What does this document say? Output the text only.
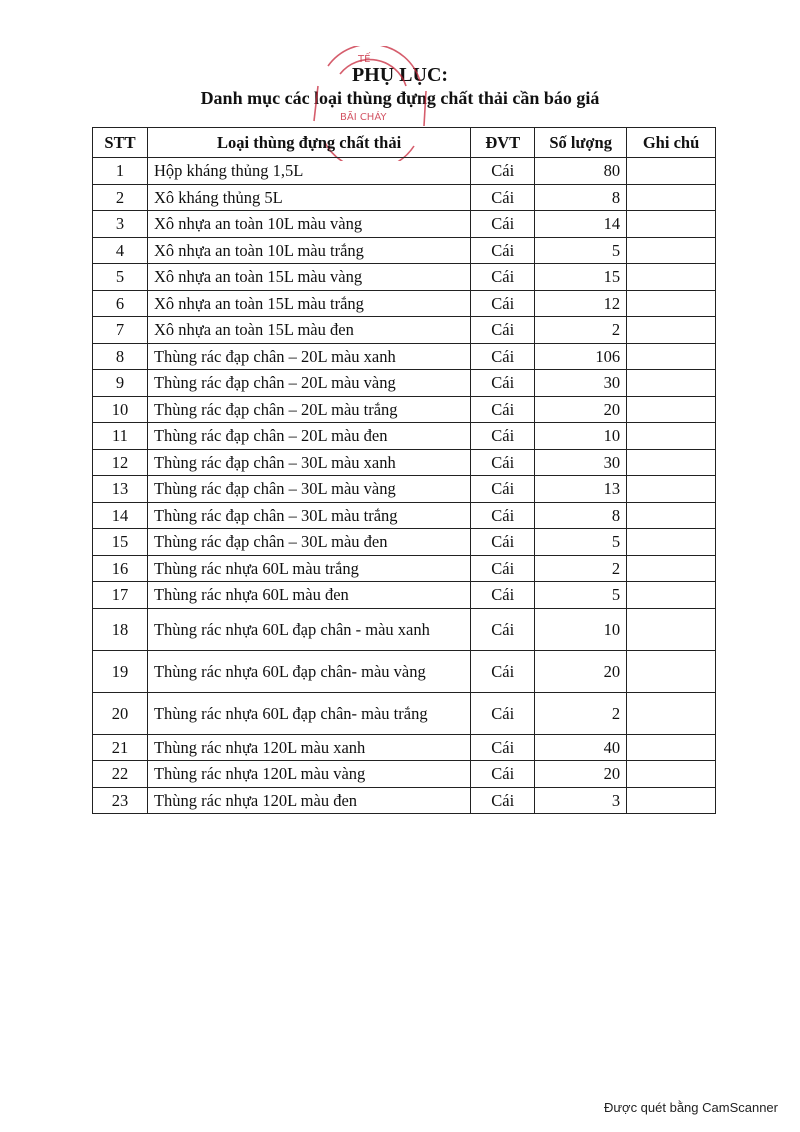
PHỤ LỤC:
Danh mục các loại thùng đựng chất thải cần báo giá
TẾ
BÃI CHÁY
STT	Loại thùng đựng chất thải	ĐVT	Số lượng	Ghi chú
1	Hộp kháng thủng 1,5L	Cái	80	
2	Xô kháng thủng 5L	Cái	8	
3	Xô nhựa an toàn 10L màu vàng	Cái	14	
4	Xô nhựa an toàn 10L màu trắng	Cái	5	
5	Xô nhựa an toàn 15L màu vàng	Cái	15	
6	Xô nhựa an toàn 15L màu trắng	Cái	12	
7	Xô nhựa an toàn 15L màu đen	Cái	2	
8	Thùng rác đạp chân – 20L màu xanh	Cái	106	
9	Thùng rác đạp chân – 20L màu vàng	Cái	30	
10	Thùng rác đạp chân – 20L màu trắng	Cái	20	
11	Thùng rác đạp chân – 20L màu đen	Cái	10	
12	Thùng rác đạp chân – 30L màu xanh	Cái	30	
13	Thùng rác đạp chân – 30L màu vàng	Cái	13	
14	Thùng rác đạp chân – 30L màu trắng	Cái	8	
15	Thùng rác đạp chân – 30L màu đen	Cái	5	
16	Thùng rác nhựa 60L màu trắng	Cái	2	
17	Thùng rác nhựa 60L màu đen	Cái	5	
18	Thùng rác nhựa 60L đạp chân - màu xanh	Cái	10	
19	Thùng rác nhựa 60L đạp chân- màu vàng	Cái	20	
20	Thùng rác nhựa 60L đạp chân- màu trắng	Cái	2	
21	Thùng rác nhựa 120L màu xanh	Cái	40	
22	Thùng rác nhựa 120L màu vàng	Cái	20	
23	Thùng rác nhựa 120L màu đen	Cái	3	
Được quét bằng CamScanner
